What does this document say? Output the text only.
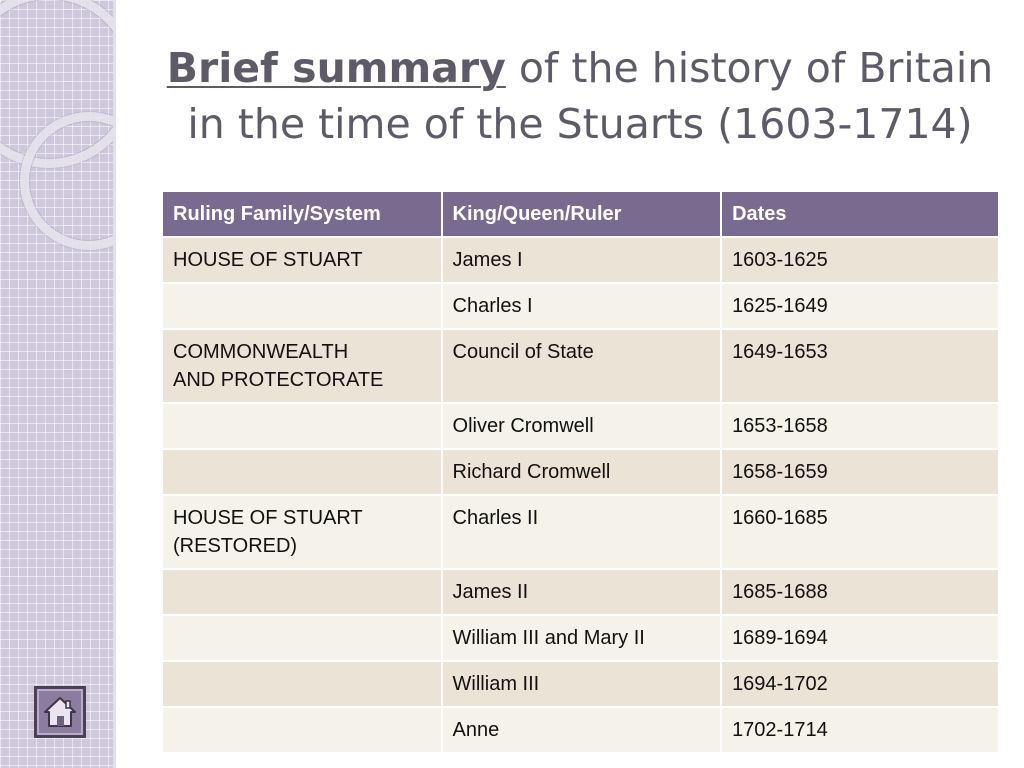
Brief summary of the history of Britain
in the time of the Stuarts (1603-1714)
Ruling Family/System	King/Queen/Ruler	Dates
HOUSE OF STUART	James I	1603-1625
	Charles I	1625-1649
COMMONWEALTH
AND PROTECTORATE	Council of State	1649-1653
	Oliver Cromwell	1653-1658
	Richard Cromwell	1658-1659
HOUSE OF STUART
(RESTORED)	Charles II	1660-1685
	James II	1685-1688
	William III and Mary II	1689-1694
	William III	1694-1702
	Anne	1702-1714
